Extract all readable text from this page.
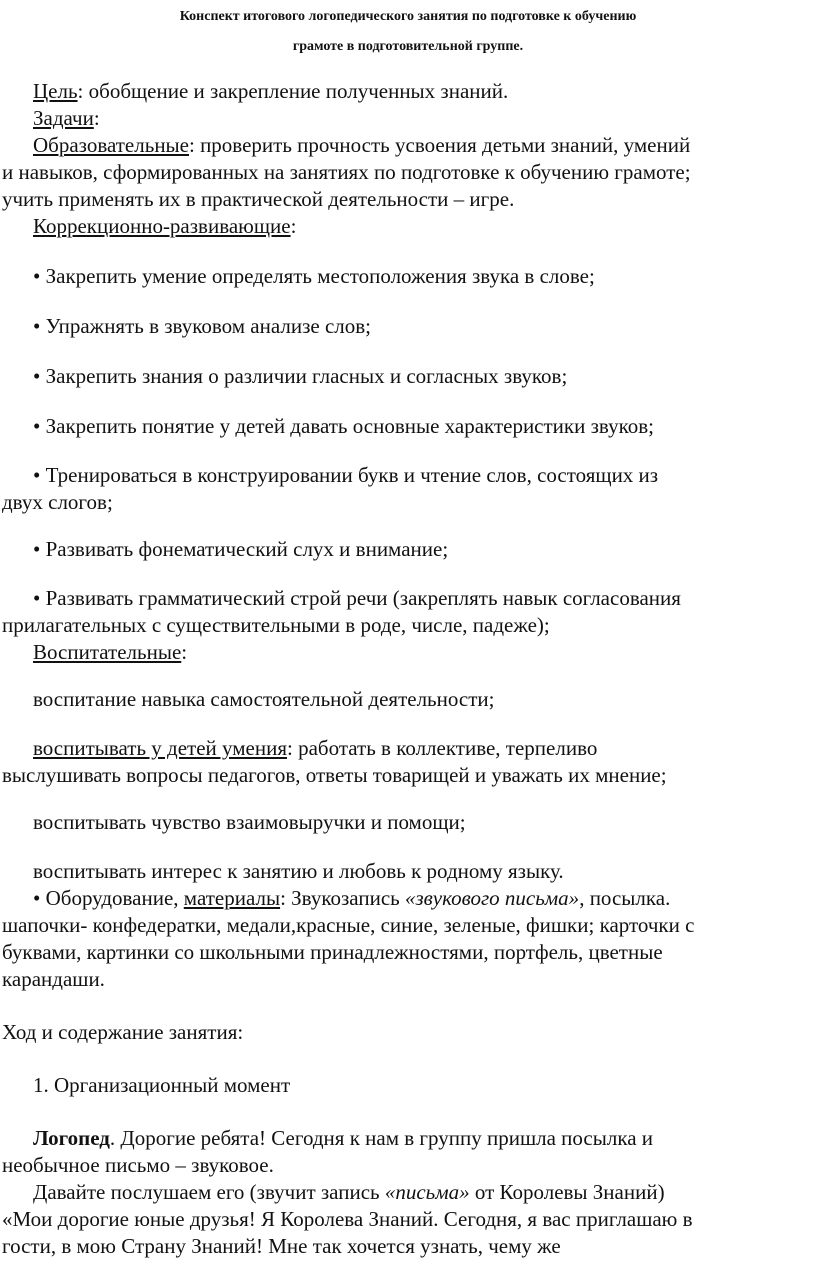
Конспект итогового логопедического занятия по подготовке к обучению
грамоте в подготовительной группе.
Цель: обобщение и закрепление полученных знаний.
Задачи:
Образовательные: проверить прочность усвоения детьми знаний, умений
и навыков, сформированных на занятиях по подготовке к обучению грамоте;
учить применять их в практической деятельности – игре.
Коррекционно-развивающие:
• Закрепить умение определять местоположения звука в слове;
• Упражнять в звуковом анализе слов;
• Закрепить знания о различии гласных и согласных звуков;
• Закрепить понятие у детей давать основные характеристики звуков;
• Тренироваться в конструировании букв и чтение слов, состоящих из
двух слогов;
• Развивать фонематический слух и внимание;
• Развивать грамматический строй речи (закреплять навык согласования
прилагательных с существительными в роде, числе, падеже);
Воспитательные:
воспитание навыка самостоятельной деятельности;
воспитывать у детей умения: работать в коллективе, терпеливо
выслушивать вопросы педагогов, ответы товарищей и уважать их мнение;
воспитывать чувство взаимовыручки и помощи;
воспитывать интерес к занятию и любовь к родному языку.
• Оборудование, материалы: Звукозапись «звукового письма», посылка.
шапочки- конфедератки, медали,красные, синие, зеленые, фишки; карточки с
буквами, картинки со школьными принадлежностями, портфель, цветные
карандаши.
Ход и содержание занятия:
1. Организационный момент
Логопед. Дорогие ребята! Сегодня к нам в группу пришла посылка и
необычное письмо – звуковое.
Давайте послушаем его (звучит запись «письма» от Королевы Знаний)
«Мои дорогие юные друзья! Я Королева Знаний. Сегодня, я вас приглашаю в
гости, в мою Страну Знаний! Мне так хочется узнать, чему же
